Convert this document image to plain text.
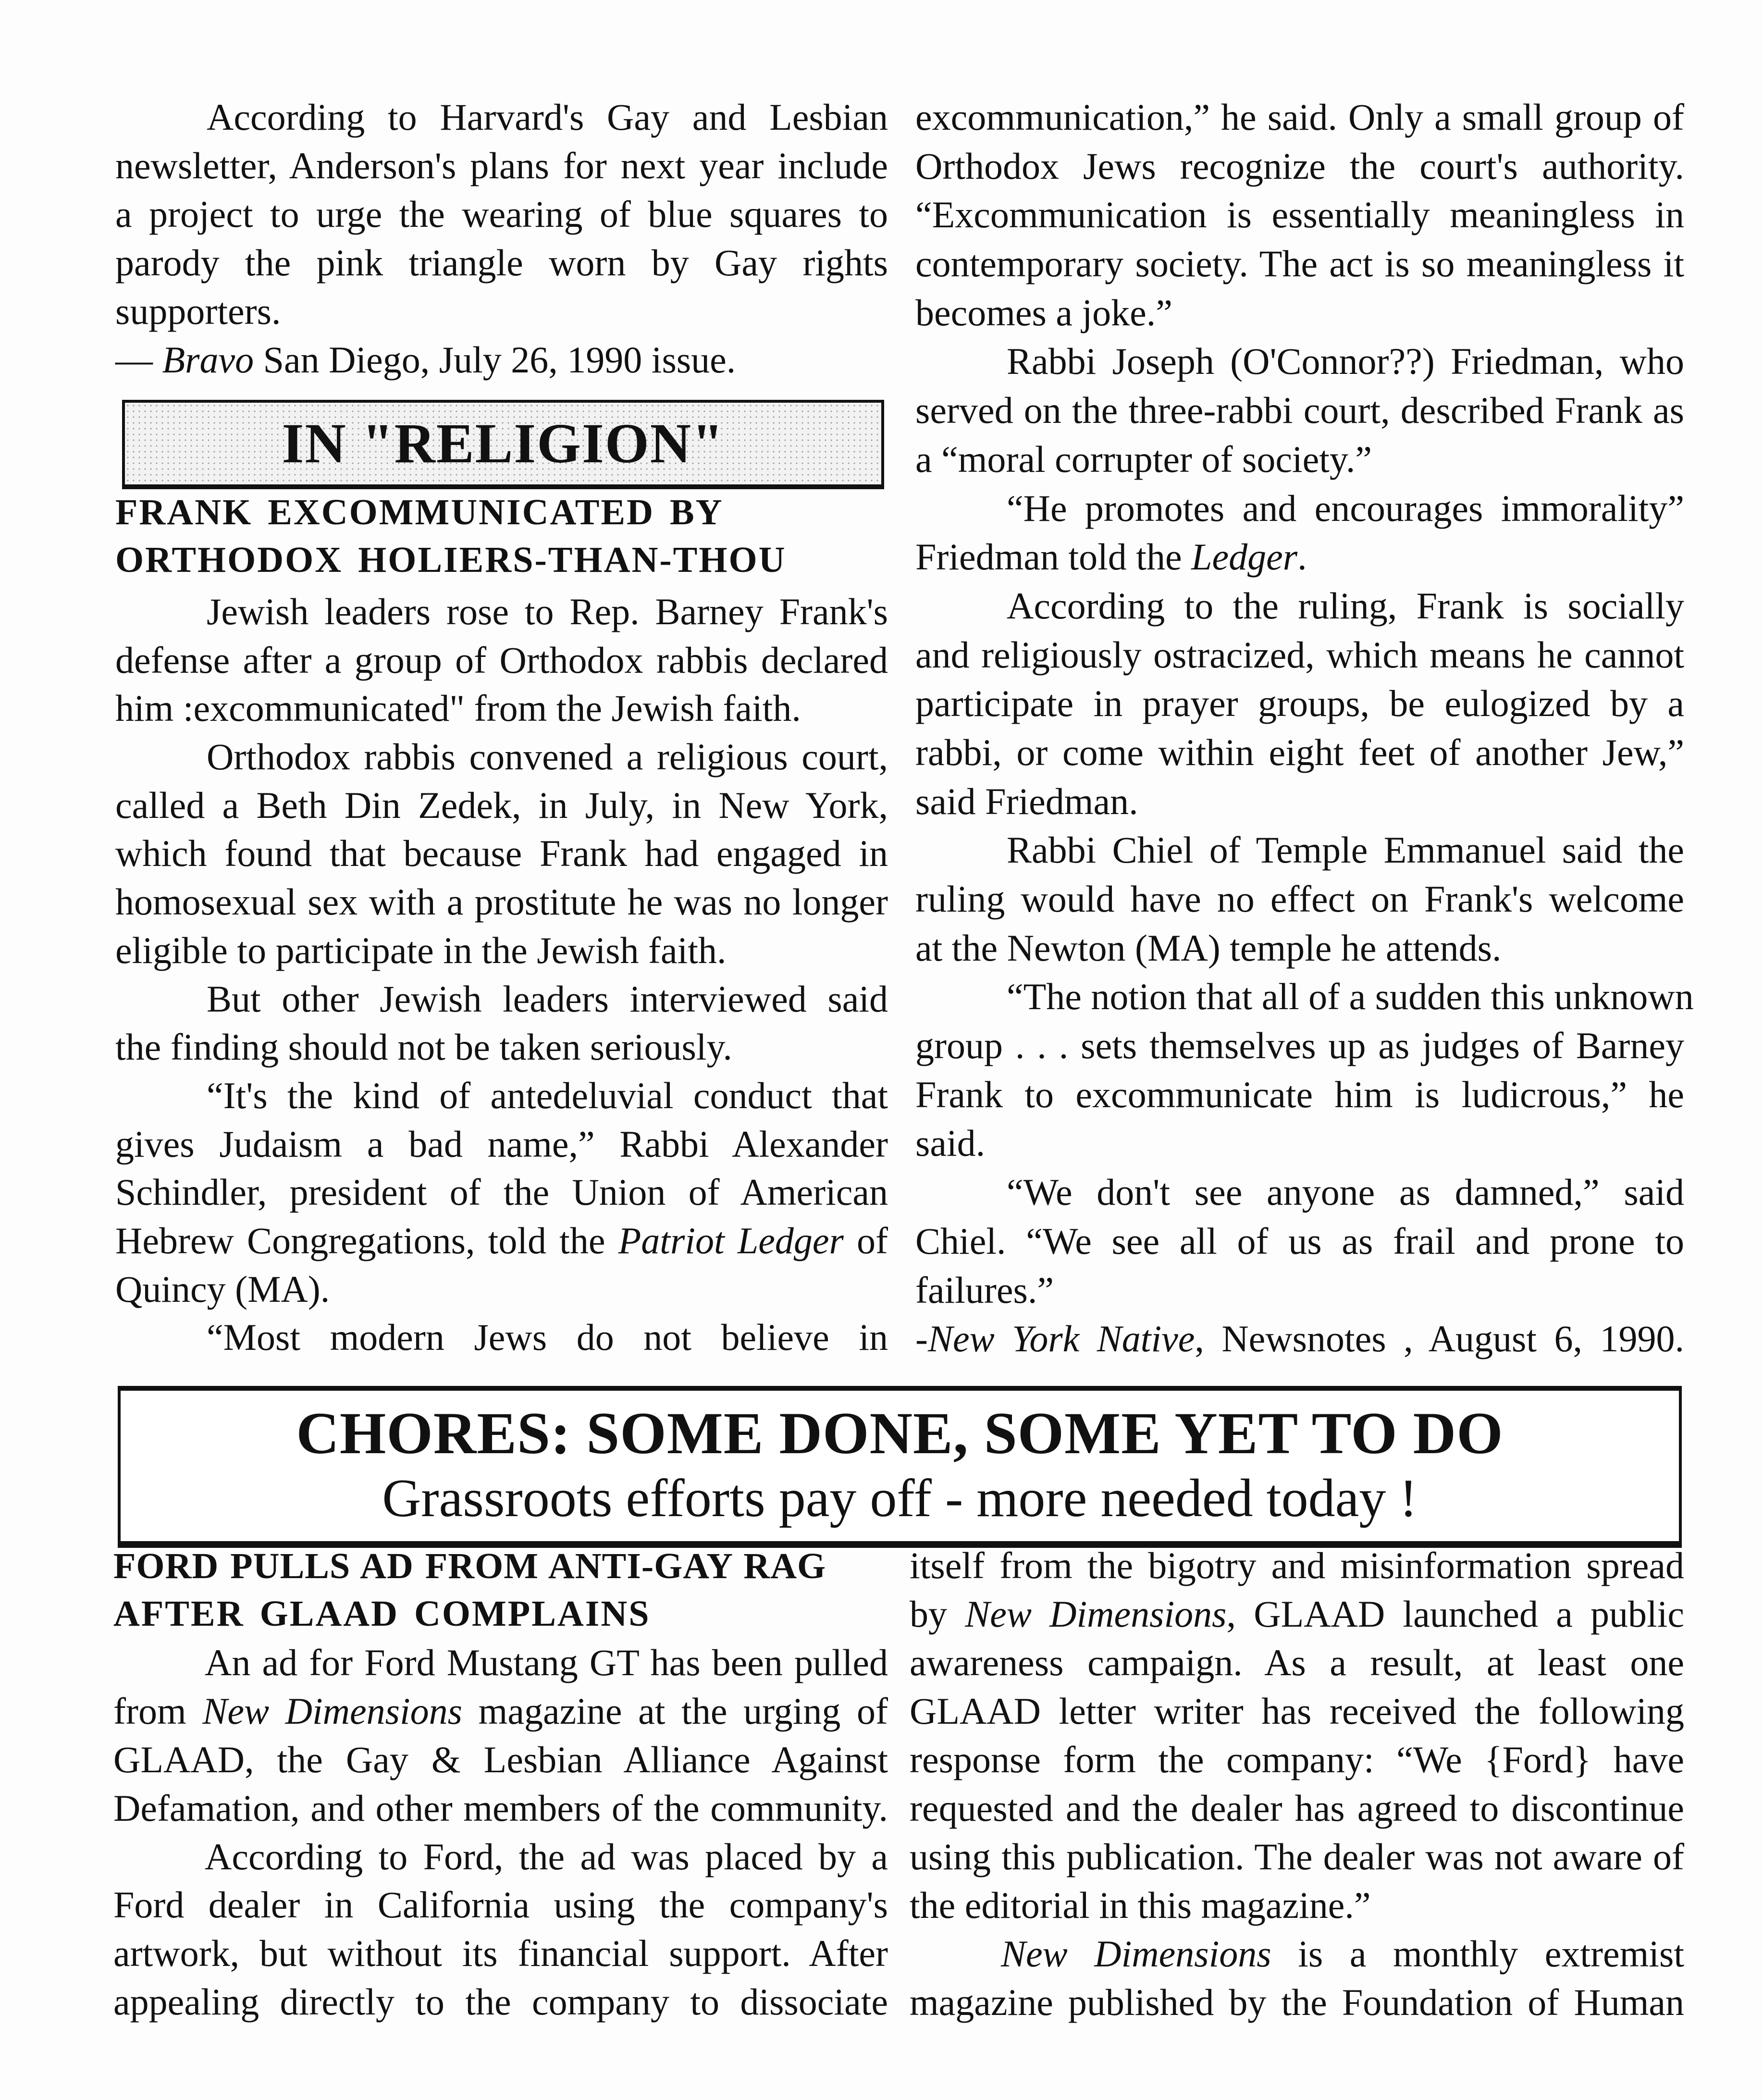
According to Harvard's Gay and Lesbian
newsletter, Anderson's plans for next year include
a project to urge the wearing of blue squares to
parody the pink triangle worn by Gay rights
supporters.
— Bravo San Diego, July 26, 1990 issue.
IN "RELIGION"
FRANK EXCOMMUNICATED BY
ORTHODOX HOLIERS-THAN-THOU
Jewish leaders rose to Rep. Barney Frank's
defense after a group of Orthodox rabbis declared
him :excommunicated" from the Jewish faith.
Orthodox rabbis convened a religious court,
called a Beth Din Zedek, in July, in New York,
which found that because Frank had engaged in
homosexual sex with a prostitute he was no longer
eligible to participate in the Jewish faith.
But other Jewish leaders interviewed said
the finding should not be taken seriously.
“It's the kind of antedeluvial conduct that
gives Judaism a bad name,” Rabbi Alexander
Schindler, president of the Union of American
Hebrew Congregations, told the Patriot Ledger of
Quincy (MA).
“Most modern Jews do not believe in
excommunication,” he said. Only a small group of
Orthodox Jews recognize the court's authority.
“Excommunication is essentially meaningless in
contemporary society. The act is so meaningless it
becomes a joke.”
Rabbi Joseph (O'Connor??) Friedman, who
served on the three-rabbi court, described Frank as
a “moral corrupter of society.”
“He promotes and encourages immorality”
Friedman told the Ledger.
According to the ruling, Frank is socially
and religiously ostracized, which means he cannot
participate in prayer groups, be eulogized by a
rabbi, or come within eight feet of another Jew,”
said Friedman.
Rabbi Chiel of Temple Emmanuel said the
ruling would have no effect on Frank's welcome
at the Newton (MA) temple he attends.
“The notion that all of a sudden this unknown
group . . . sets themselves up as judges of Barney
Frank to excommunicate him is ludicrous,” he
said.
“We don't see anyone as damned,” said
Chiel. “We see all of us as frail and prone to
failures.”
-New York Native, Newsnotes , August 6, 1990.
CHORES: SOME DONE, SOME YET TO DO
Grassroots efforts pay off - more needed today !
FORD PULLS AD FROM ANTI-GAY RAG
AFTER GLAAD COMPLAINS
An ad for Ford Mustang GT has been pulled
from New Dimensions magazine at the urging of
GLAAD, the Gay & Lesbian Alliance Against
Defamation, and other members of the community.
According to Ford, the ad was placed by a
Ford dealer in California using the company's
artwork, but without its financial support. After
appealing directly to the company to dissociate
itself from the bigotry and misinformation spread
by New Dimensions, GLAAD launched a public
awareness campaign. As a result, at least one
GLAAD letter writer has received the following
response form the company: “We {Ford} have
requested and the dealer has agreed to discontinue
using this publication. The dealer was not aware of
the editorial in this magazine.”
New Dimensions is a monthly extremist
magazine published by the Foundation of Human
